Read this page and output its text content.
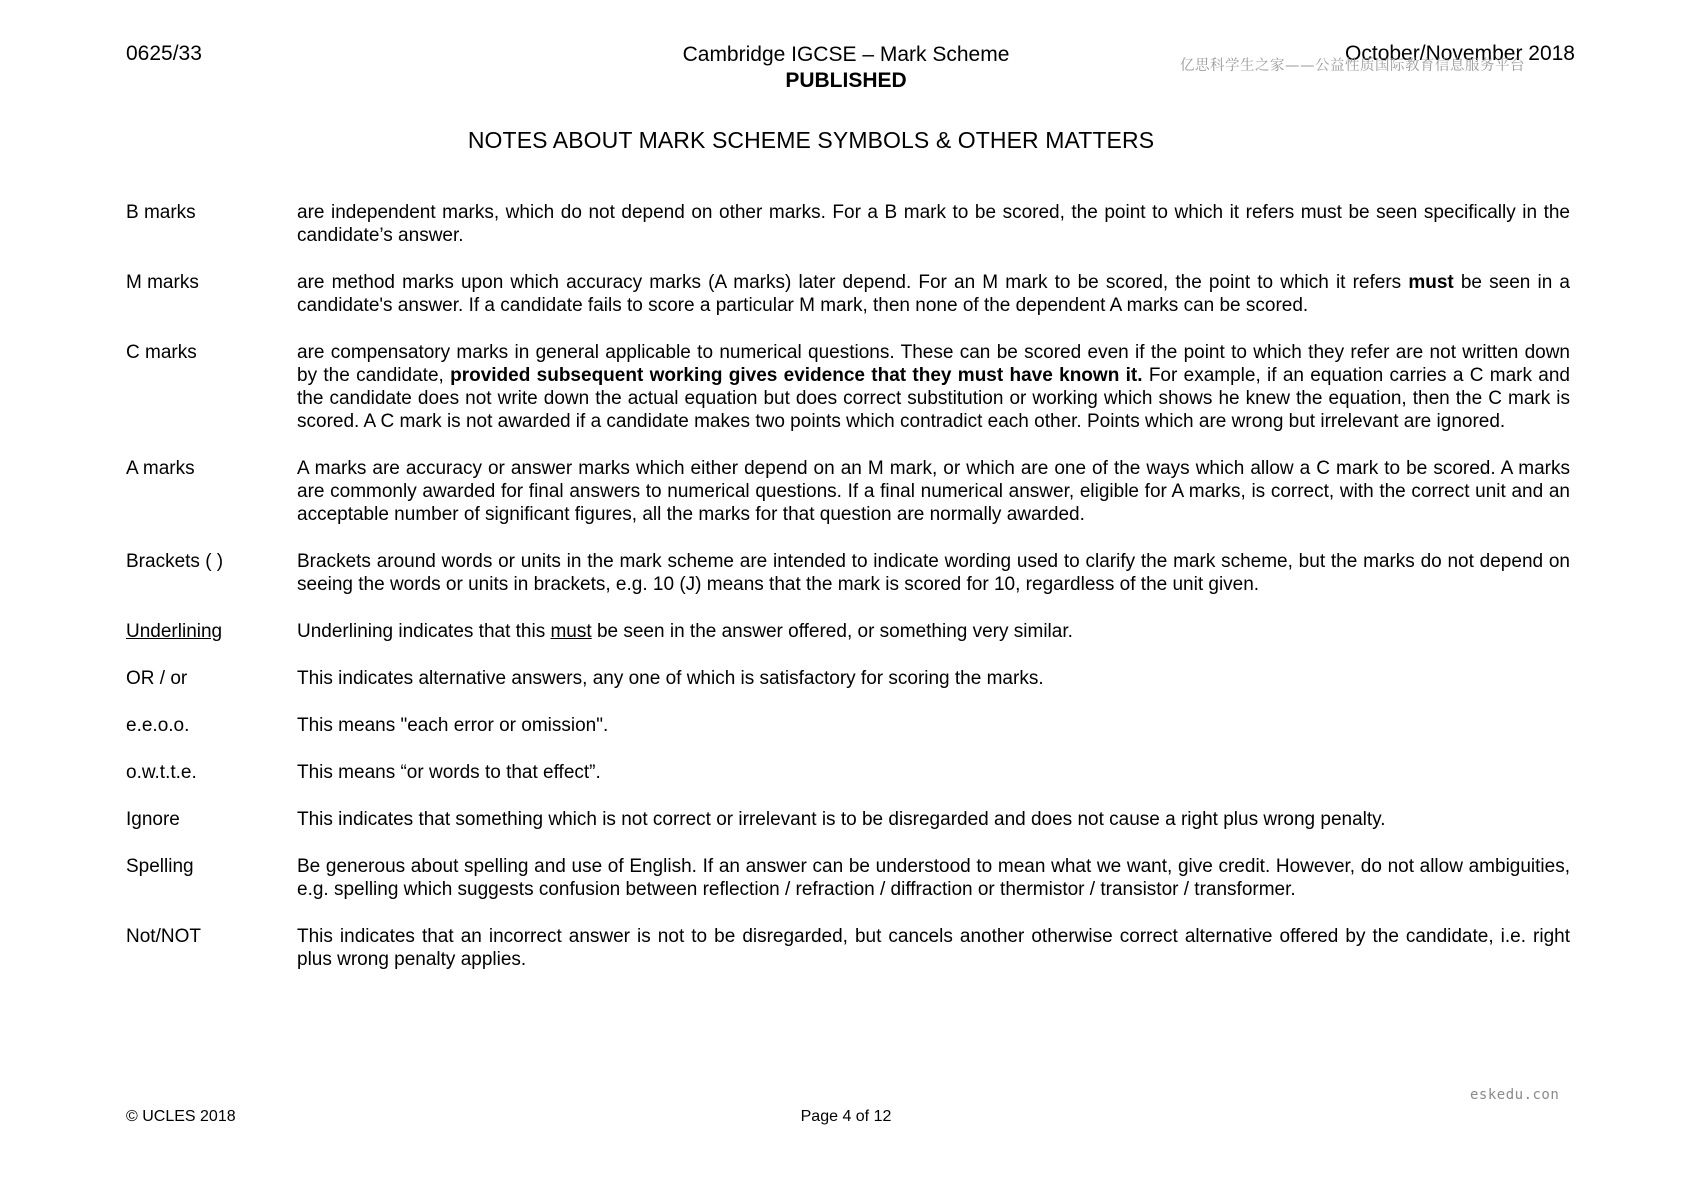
0625/33	Cambridge IGCSE – Mark Scheme
PUBLISHED
October/November 2018
亿思科学生之家——公益性质国际教育信息服务平台
NOTES ABOUT MARK SCHEME SYMBOLS & OTHER MATTERS
B marks	are independent marks, which do not depend on other marks. For a B mark to be scored, the point to which it refers must be seen specifically in the candidate’s answer.
M marks	are method marks upon which accuracy marks (A marks) later depend. For an M mark to be scored, the point to which it refers must be seen in a candidate's answer. If a candidate fails to score a particular M mark, then none of the dependent A marks can be scored.
C marks	are compensatory marks in general applicable to numerical questions. These can be scored even if the point to which they refer are not written down by the candidate, provided subsequent working gives evidence that they must have known it. For example, if an equation carries a C mark and the candidate does not write down the actual equation but does correct substitution or working which shows he knew the equation, then the C mark is scored. A C mark is not awarded if a candidate makes two points which contradict each other. Points which are wrong but irrelevant are ignored.
A marks	A marks are accuracy or answer marks which either depend on an M mark, or which are one of the ways which allow a C mark to be scored. A marks are commonly awarded for final answers to numerical questions. If a final numerical answer, eligible for A marks, is correct, with the correct unit and an acceptable number of significant figures, all the marks for that question are normally awarded.
Brackets ( )	Brackets around words or units in the mark scheme are intended to indicate wording used to clarify the mark scheme, but the marks do not depend on seeing the words or units in brackets, e.g. 10 (J) means that the mark is scored for 10, regardless of the unit given.
Underlining	Underlining indicates that this must be seen in the answer offered, or something very similar.
OR / or	This indicates alternative answers, any one of which is satisfactory for scoring the marks.
e.e.o.o.	This means "each error or omission".
o.w.t.t.e.	This means “or words to that effect”.
Ignore	This indicates that something which is not correct or irrelevant is to be disregarded and does not cause a right plus wrong penalty.
Spelling	Be generous about spelling and use of English. If an answer can be understood to mean what we want, give credit. However, do not allow ambiguities, e.g. spelling which suggests confusion between reflection / refraction / diffraction or thermistor / transistor / transformer.
Not/NOT	This indicates that an incorrect answer is not to be disregarded, but cancels another otherwise correct alternative offered by the candidate, i.e. right plus wrong penalty applies.
eskedu.con
© UCLES 2018	Page 4 of 12
